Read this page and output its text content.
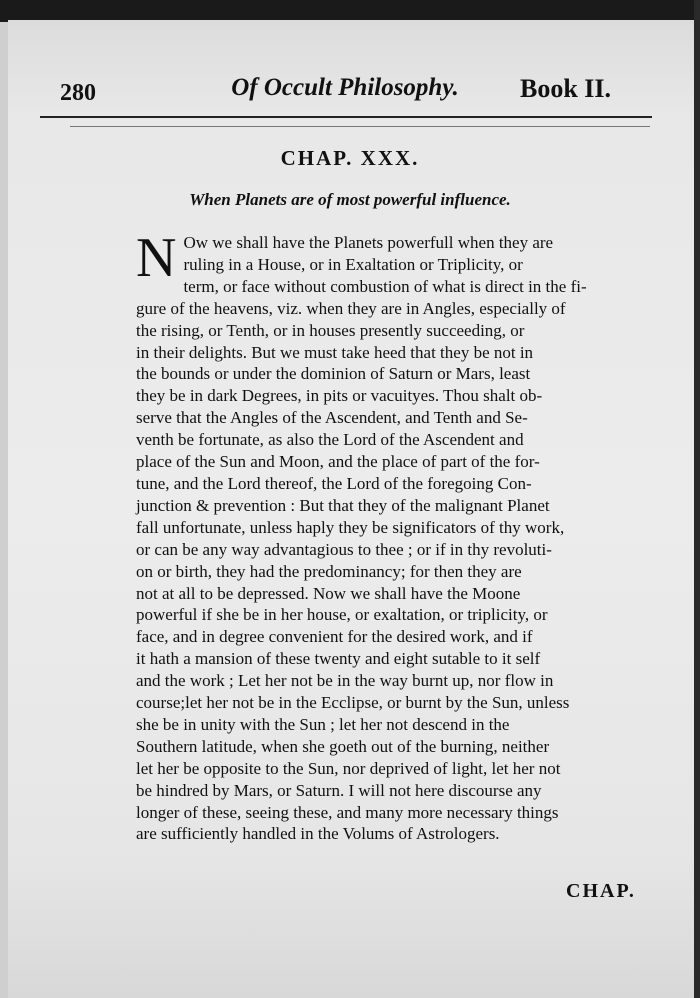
280	Of Occult Philosophy.	Book II.
CHAP. XXX.
When Planets are of most powerful influence.
N Ow we shall have the Planets powerfull when they are
ruling in a House, or in Exaltation or Triplicity, or
term, or face without combustion of what is direct in the fi-
gure of the heavens, viz. when they are in Angles, especially of
the rising, or Tenth, or in houses presently succeeding, or
in their delights. But we must take heed that they be not in
the bounds or under the dominion of Saturn or Mars, least
they be in dark Degrees, in pits or vacuityes. Thou shalt ob-
serve that the Angles of the Ascendent, and Tenth and Se-
venth be fortunate, as also the Lord of the Ascendent and
place of the Sun and Moon, and the place of part of the for-
tune, and the Lord thereof, the Lord of the foregoing Con-
junction & prevention : But that they of the malignant Planet
fall unfortunate, unless haply they be significators of thy work,
or can be any way advantagious to thee ; or if in thy revoluti-
on or birth, they had the predominancy; for then they are
not at all to be depressed. Now we shall have the Moone
powerful if she be in her house, or exaltation, or triplicity, or
face, and in degree convenient for the desired work, and if
it hath a mansion of these twenty and eight sutable to it self
and the work ; Let her not be in the way burnt up, nor flow in
course;let her not be in the Ecclipse, or burnt by the Sun, unless
she be in unity with the Sun ; let her not descend in the
Southern latitude, when she goeth out of the burning, neither
let her be opposite to the Sun, nor deprived of light, let her not
be hindred by Mars, or Saturn. I will not here discourse any
longer of these, seeing these, and many more necessary things
are sufficiently handled in the Volums of Astrologers.
CHAP.
